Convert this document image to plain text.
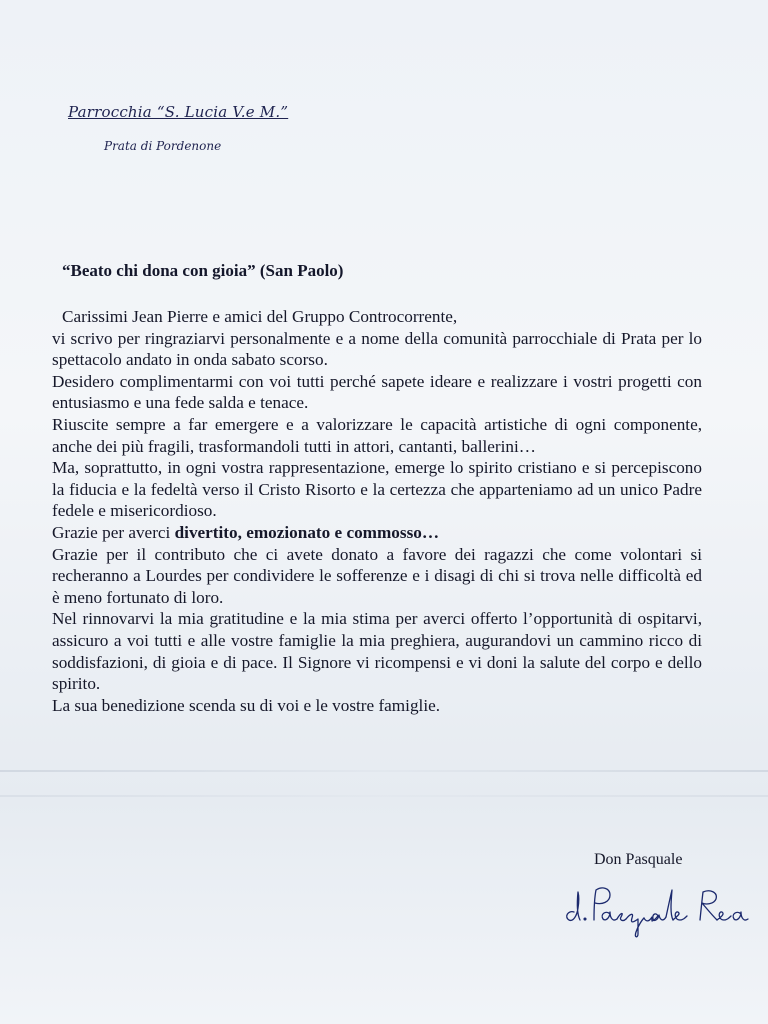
Parrocchia “S. Lucia V.e M.”
Prata di Pordenone
“Beato chi dona con gioia” (San Paolo)

Carissimi Jean Pierre e amici del Gruppo Controcorrente,

vi scrivo per ringraziarvi personalmente e a nome della comunità parrocchiale di Prata per lo spettacolo andato in onda sabato scorso.

Desidero complimentarmi con voi tutti perché sapete ideare e realizzare i vostri progetti con entusiasmo e una fede salda e tenace.

Riuscite sempre a far emergere e a valorizzare le capacità artistiche di ogni componente, anche dei più fragili, trasformandoli tutti in attori, cantanti, ballerini…

Ma, soprattutto, in ogni vostra rappresentazione, emerge lo spirito cristiano e si percepiscono la fiducia e la fedeltà verso il Cristo Risorto e la certezza che apparteniamo ad un unico Padre fedele e misericordioso.

Grazie per averci divertito, emozionato e commosso…

Grazie per il contributo che ci avete donato a favore dei ragazzi che come volontari si recheranno a Lourdes per condividere le sofferenze e i disagi di chi si trova nelle difficoltà ed è meno fortunato di loro.

Nel rinnovarvi la mia gratitudine e la mia stima per averci offerto l’opportunità di ospitarvi, assicuro a voi tutti e alle vostre famiglie la mia preghiera, augurandovi un cammino ricco di soddisfazioni, di gioia e di pace. Il Signore vi ricompensi e vi doni la salute del corpo e dello spirito.

La sua benedizione scenda su di voi e le vostre famiglie.

Don Pasquale
